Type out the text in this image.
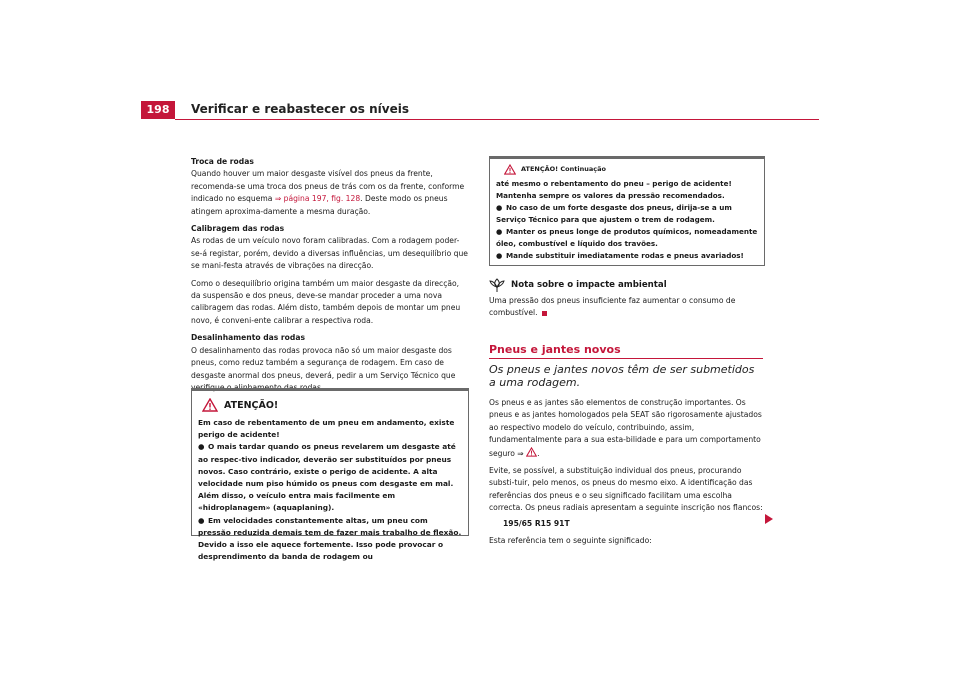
198	Verificar e reabastecer os níveis

Troca de rodas

Quando houver um maior desgaste visível dos pneus da frente, recomenda-se uma troca dos pneus de trás com os da frente, conforme indicado no esquema ⇒ página 197, fig. 128. Deste modo os pneus atingem aproxima-damente a mesma duração.

Calibragem das rodas

As rodas de um veículo novo foram calibradas. Com a rodagem poder-se-á registar, porém, devido a diversas influências, um desequilíbrio que se mani-festa através de vibrações na direcção.

Como o desequilíbrio origina também um maior desgaste da direcção, da suspensão e dos pneus, deve-se mandar proceder a uma nova calibragem das rodas. Além disto, também depois de montar um pneu novo, é conveni-ente calibrar a respectiva roda.

Desalinhamento das rodas

O desalinhamento das rodas provoca não só um maior desgaste dos pneus, como reduz também a segurança de rodagem. Em caso de desgaste anormal dos pneus, deverá, pedir a um Serviço Técnico que verifique o alinhamento das rodas.

ATENÇÃO!

Em caso de rebentamento de um pneu em andamento, existe perigo de acidente!

● O mais tardar quando os pneus revelarem um desgaste até ao respec-tivo indicador, deverão ser substituídos por pneus novos. Caso contrário, existe o perigo de acidente. A alta velocidade num piso húmido os pneus com desgaste em mal. Além disso, o veículo entra mais facilmente em «hidroplanagem» (aquaplaning).

● Em velocidades constantemente altas, um pneu com pressão reduzida demais tem de fazer mais trabalho de flexão. Devido a isso ele aquece fortemente. Isso pode provocar o desprendimento da banda de rodagem ou

ATENÇÃO! Continuação

até mesmo o rebentamento do pneu – perigo de acidente! Mantenha sempre os valores da pressão recomendados.

● No caso de um forte desgaste dos pneus, dirija-se a um Serviço Técnico para que ajustem o trem de rodagem.

● Manter os pneus longe de produtos químicos, nomeadamente óleo, combustível e líquido dos travões.

● Mande substituir imediatamente rodas e pneus avariados!

Nota sobre o impacte ambiental
Uma pressão dos pneus insuficiente faz aumentar o consumo de combustível.
Pneus e jantes novos
Os pneus e jantes novos têm de ser submetidos a uma rodagem.

Os pneus e as jantes são elementos de construção importantes. Os pneus e as jantes homologados pela SEAT são rigorosamente ajustados ao respectivo modelo do veículo, contribuindo, assim, fundamentalmente para a sua esta-bilidade e para um comportamento seguro ⇒ .

Evite, se possível, a substituição individual dos pneus, procurando substi-tuir, pelo menos, os pneus do mesmo eixo. A identificação das referências dos pneus e o seu significado facilitam uma escolha correcta. Os pneus radiais apresentam a seguinte inscrição nos flancos:

195/65 R15 91T

Esta referência tem o seguinte significado:
